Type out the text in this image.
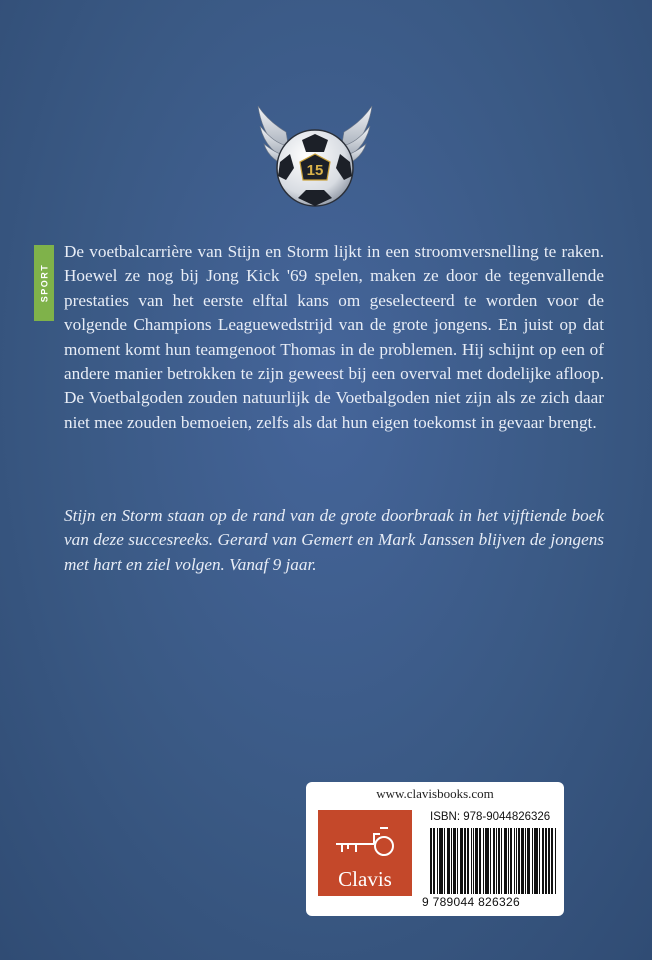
15
SPORT

De voetbalcarrière van Stijn en Storm lijkt in een stroomversnelling te raken. Hoewel ze nog bij Jong Kick '69 spelen, maken ze door de tegenvallende prestaties van het eerste elftal kans om geselecteerd te worden voor de volgende Champions Leaguewedstrijd van de grote jongens. En juist op dat moment komt hun teamgenoot Thomas in de problemen. Hij schijnt op een of andere manier betrokken te zijn geweest bij een overval met dodelijke afloop. De Voetbalgoden zouden natuurlijk de Voetbalgoden niet zijn als ze zich daar niet mee zouden bemoeien, zelfs als dat hun eigen toekomst in gevaar brengt.

Stijn en Storm staan op de rand van de grote doorbraak in het vijftiende boek van deze succesreeks. Gerard van Gemert en Mark Janssen blijven de jongens met hart en ziel volgen. Vanaf 9 jaar.

www.clavisbooks.com
Clavis
ISBN: 978-9044826326
9 789044 826326
